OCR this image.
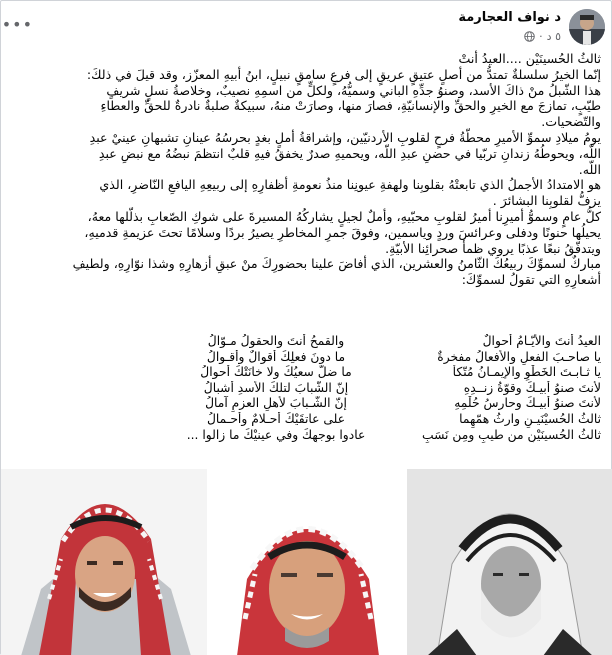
د نواف العجارمة
٥ د
·
•••

ثالثُ الحُسينَيْن ....العيدُ أنتْ

إنّما الخيرُ سلسلةٌ تمتدُّ من أصلٍ عتيقٍ عريقٍ إلى فرعٍ سامقٍ نبيلٍ، ابنُ أبيهِ المعزّز، وقد قيلَ في ذلكَ:

هذا الشّبلُ منْ ذاكَ الأسد، وصنوُ جدِّهِ الباني وسميُّهُ، ولكلٍّ من اسمِهِ نصيبٌ، وخلاصةُ نسلٍ شريفٍ

طيّبٍ، تمازجَ مع الخيرِ والحقِّ والإنسانيّةِ، فصارَ منها، وصارَتْ منهُ، سبيكةٌ صلبةٌ نادرةٌ للحقِّ والعطاءِ

والتّضحيات.

يومُ ميلادِ سموِّ الأميرِ محطّةُ فرحٍ لقلوبِ الأردنيّين، وإشراقةُ أملٍ بغدٍ بحرسُهُ عينانِ تشبهانِ عينيْ عبدِ

اللّه، ويحوطُهُ زندانِ تربّيا في حضنِ عبدِ اللّه، ويحميهِ صدرٌ يخفقُ فيهِ قلبٌ انتظمَ نبضُهُ مع نبضِ عبدِ

اللّه.

هو الامتدادُ الأجملُ الذي تابعتْهُ بقلوبِنا ولهفةِ عيونِنا منذُ نعومةِ أظفارِهِ إلى ربيعِهِ اليافعِ النّاضرِ، الذي

يزفُّ لقلوبِنا البشائرَ .

كلُّ عامٍ وسموُّ أميرِنا أميرُ لقلوبِ محبّيهِ، وأملٌ لجيلٍ يشاركُهُ المسيرةَ على شوكِ الصّعابِ بذلّلها معهُ،

يحيلُها حنونًا ودفلى وعرائسَ وردٍ وياسمين، وفوقَ جمرِ المخاطرِ يصيرُ بردًا وسلامًا تحتَ عزيمةِ قدميهِ،

ويتدفّقُ نبعًا عذبًا يروي ظمأ صحرائِنا الأبيّةِ.

مباركٌ لسموِّكَ ربيعُكَ الثّامنُ والعشرين، الذي أفاضَ علينا بحضورِكَ منْ عبقِ أزهارِهِ وشذا نوّارِهِ، ولطيفِ

أشعارِهِ التي تقولُ لسموِّكَ:

العيدُ أنتَ والأيّـامُ أحوالٌ
والقمحُ أنتَ والحقولُ مـوّالُ
يا صاحـبَ الفعلِ والأفعالُ مفخرةٌ
ما دونَ فعلِكَ أقوالٌ وأقـوالُ
يا ثـابـتَ الخَطْوِ والإيمـانُ مُتّكأٌ
ما ضلَّ سعيُكَ ولا خانَتْكَ أحوالُ
لأنتَ صنوُ أبيـكَ وقوّةُ زنــدِهِ
إنّ الشّبابَ لتلكَ الأُسدِ أشبالُ
لأنتَ صنوُ أبيـكَ وحارسُ حُلْمِهِ
إنّ الشّـبابَ لأهلِ العزمِ آمالُ
ثالثُ الحُسيْنَيـنِ وارثُ همّهِما
على عاتقَيْكَ أحـلامٌ وأحـمالُ
ثالثُ الحُسينَيْنِ من طيبٍ ومِن نَسَبٍ
عادوا بوجهِكَ وفي عينيْكَ ما زالوا ...
